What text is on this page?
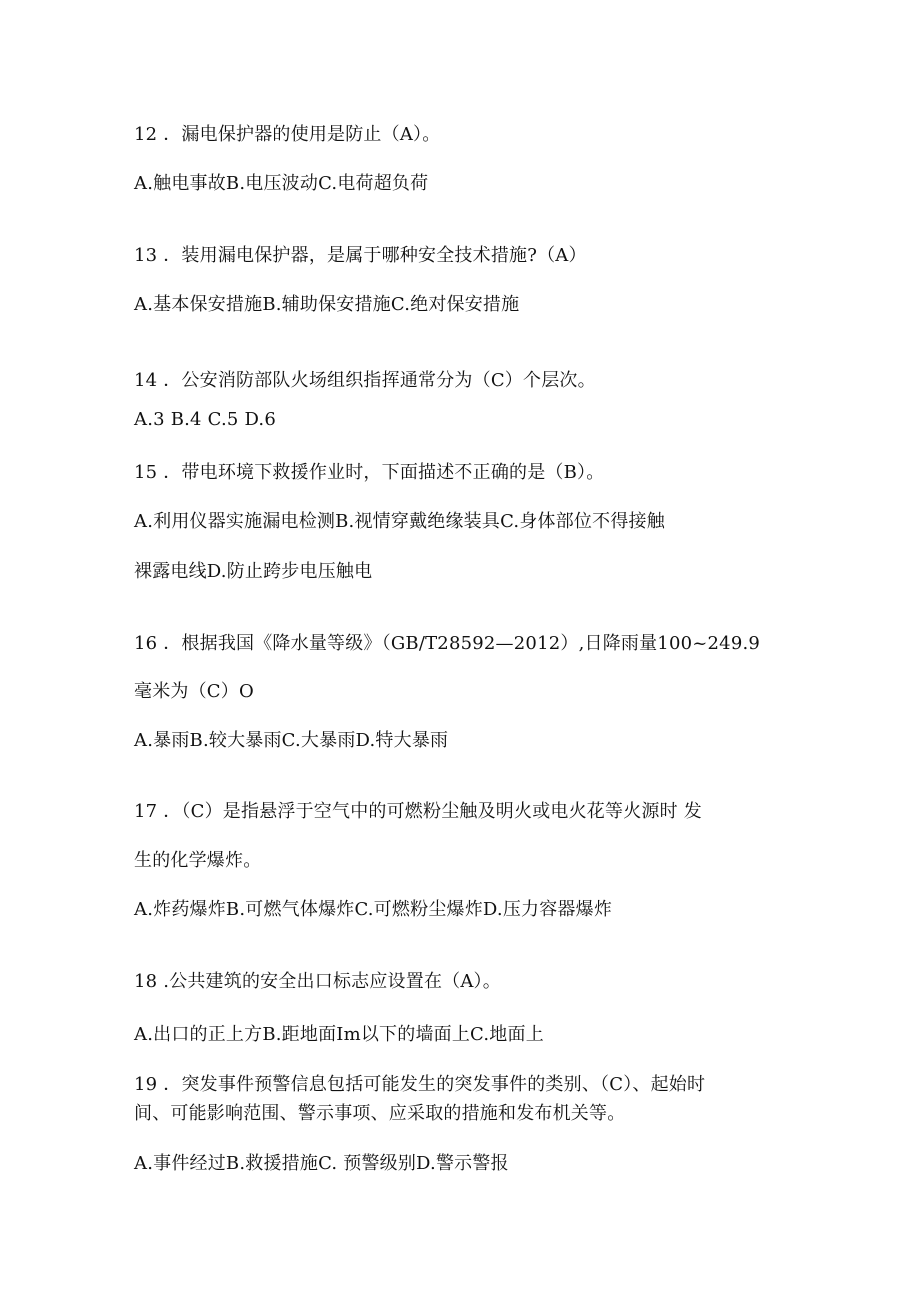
12 ．漏电保护器的使用是防止（A）。
A.触电事故B.电压波动C.电荷超负荷
13 ．装用漏电保护器，是属于哪种安全技术措施?（A）
A.基本保安措施B.辅助保安措施C.绝对保安措施
14 ．公安消防部队火场组织指挥通常分为（C）个层次。
A.3 B.4 C.5 D.6
15 ．带电环境下救援作业时，下面描述不正确的是（B）。
A.利用仪器实施漏电检测B.视情穿戴绝缘装具C.身体部位不得接触
裸露电线D.防止跨步电压触电
16 ．根据我国《降水量等级》（GB/T28592—2012）,日降雨量100~249.9
毫米为（C）O
A.暴雨B.较大暴雨C.大暴雨D.特大暴雨
17 ．（C）是指悬浮于空气中的可燃粉尘触及明火或电火花等火源时 发
生的化学爆炸。
A.炸药爆炸B.可燃气体爆炸C.可燃粉尘爆炸D.压力容器爆炸
18 .公共建筑的安全出口标志应设置在（A）。
A.出口的正上方B.距地面Im以下的墙面上C.地面上
19 ．突发事件预警信息包括可能发生的突发事件的类别、（C）、起始时
间、可能影响范围、警示事项、应采取的措施和发布机关等。
A.事件经过B.救援措施C. 预警级别D.警示警报
